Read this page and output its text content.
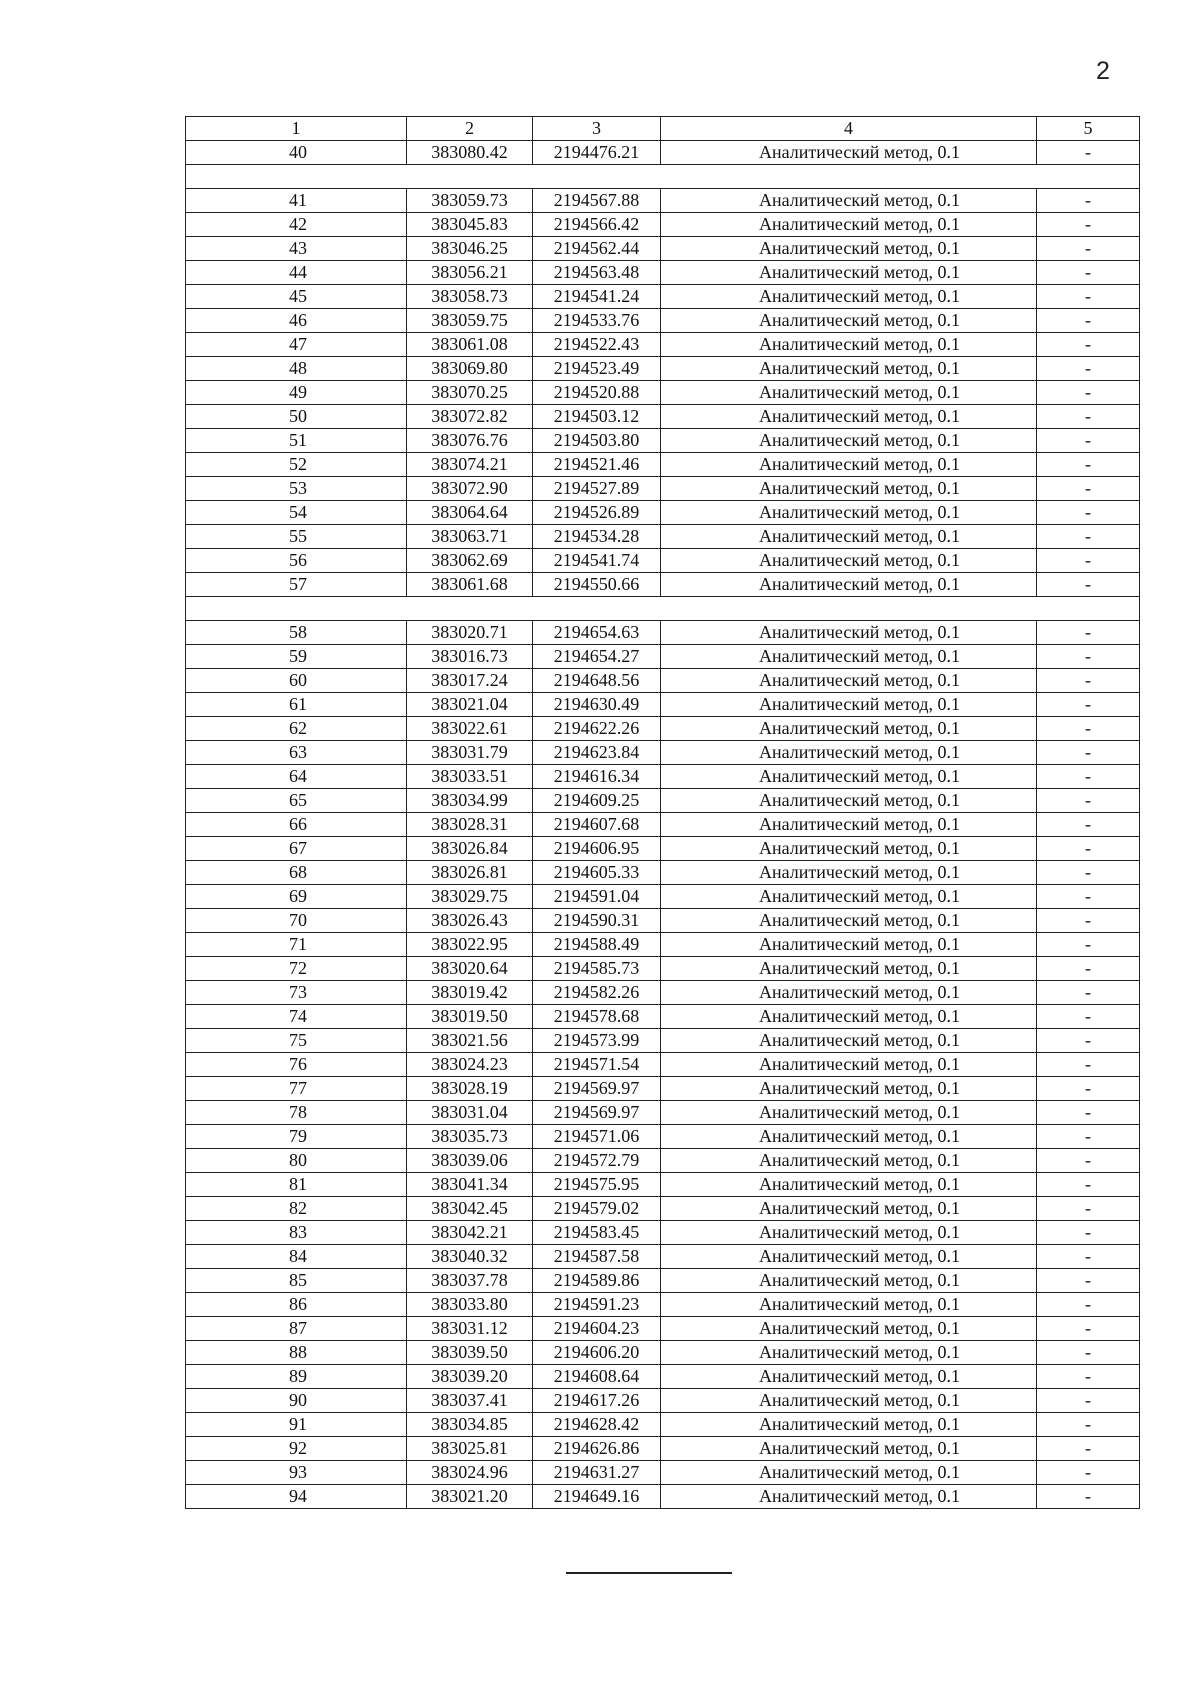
2
1	2	3	4	5
40	383080.42	2194476.21	Аналитический метод, 0.1	-

41	383059.73	2194567.88	Аналитический метод, 0.1	-
42	383045.83	2194566.42	Аналитический метод, 0.1	-
43	383046.25	2194562.44	Аналитический метод, 0.1	-
44	383056.21	2194563.48	Аналитический метод, 0.1	-
45	383058.73	2194541.24	Аналитический метод, 0.1	-
46	383059.75	2194533.76	Аналитический метод, 0.1	-
47	383061.08	2194522.43	Аналитический метод, 0.1	-
48	383069.80	2194523.49	Аналитический метод, 0.1	-
49	383070.25	2194520.88	Аналитический метод, 0.1	-
50	383072.82	2194503.12	Аналитический метод, 0.1	-
51	383076.76	2194503.80	Аналитический метод, 0.1	-
52	383074.21	2194521.46	Аналитический метод, 0.1	-
53	383072.90	2194527.89	Аналитический метод, 0.1	-
54	383064.64	2194526.89	Аналитический метод, 0.1	-
55	383063.71	2194534.28	Аналитический метод, 0.1	-
56	383062.69	2194541.74	Аналитический метод, 0.1	-
57	383061.68	2194550.66	Аналитический метод, 0.1	-

58	383020.71	2194654.63	Аналитический метод, 0.1	-
59	383016.73	2194654.27	Аналитический метод, 0.1	-
60	383017.24	2194648.56	Аналитический метод, 0.1	-
61	383021.04	2194630.49	Аналитический метод, 0.1	-
62	383022.61	2194622.26	Аналитический метод, 0.1	-
63	383031.79	2194623.84	Аналитический метод, 0.1	-
64	383033.51	2194616.34	Аналитический метод, 0.1	-
65	383034.99	2194609.25	Аналитический метод, 0.1	-
66	383028.31	2194607.68	Аналитический метод, 0.1	-
67	383026.84	2194606.95	Аналитический метод, 0.1	-
68	383026.81	2194605.33	Аналитический метод, 0.1	-
69	383029.75	2194591.04	Аналитический метод, 0.1	-
70	383026.43	2194590.31	Аналитический метод, 0.1	-
71	383022.95	2194588.49	Аналитический метод, 0.1	-
72	383020.64	2194585.73	Аналитический метод, 0.1	-
73	383019.42	2194582.26	Аналитический метод, 0.1	-
74	383019.50	2194578.68	Аналитический метод, 0.1	-
75	383021.56	2194573.99	Аналитический метод, 0.1	-
76	383024.23	2194571.54	Аналитический метод, 0.1	-
77	383028.19	2194569.97	Аналитический метод, 0.1	-
78	383031.04	2194569.97	Аналитический метод, 0.1	-
79	383035.73	2194571.06	Аналитический метод, 0.1	-
80	383039.06	2194572.79	Аналитический метод, 0.1	-
81	383041.34	2194575.95	Аналитический метод, 0.1	-
82	383042.45	2194579.02	Аналитический метод, 0.1	-
83	383042.21	2194583.45	Аналитический метод, 0.1	-
84	383040.32	2194587.58	Аналитический метод, 0.1	-
85	383037.78	2194589.86	Аналитический метод, 0.1	-
86	383033.80	2194591.23	Аналитический метод, 0.1	-
87	383031.12	2194604.23	Аналитический метод, 0.1	-
88	383039.50	2194606.20	Аналитический метод, 0.1	-
89	383039.20	2194608.64	Аналитический метод, 0.1	-
90	383037.41	2194617.26	Аналитический метод, 0.1	-
91	383034.85	2194628.42	Аналитический метод, 0.1	-
92	383025.81	2194626.86	Аналитический метод, 0.1	-
93	383024.96	2194631.27	Аналитический метод, 0.1	-
94	383021.20	2194649.16	Аналитический метод, 0.1	-
